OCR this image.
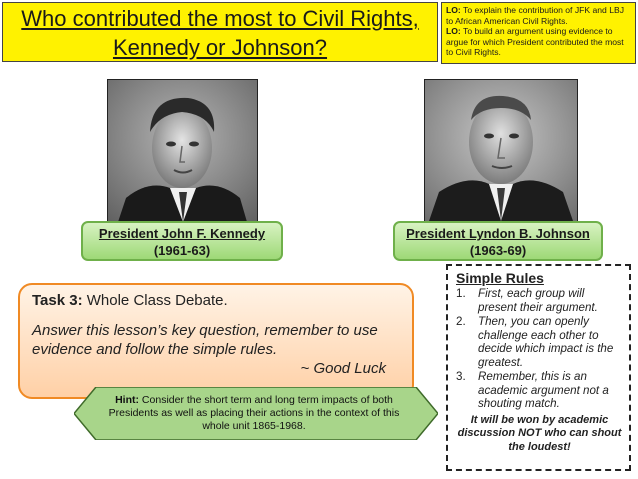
Who contributed the most to Civil Rights,
Kennedy or Johnson?
LO: To explain the contribution of JFK and LBJ to African American Civil Rights.
LO: To build an argument using evidence to argue for which President contributed the most to Civil Rights.
President John F. Kennedy
(1961-63)
President Lyndon B. Johnson
(1963-69)
Task 3: Whole Class Debate.
Answer this lesson’s key question, remember to use evidence and follow the simple rules.
~ Good Luck
Hint: Consider the short term and long term impacts of both Presidents as well as placing their actions in the context of this whole unit 1865-1968.
Simple Rules
1. First, each group will present their argument.
2. Then, you can openly challenge each other to decide which impact is the greatest.
3. Remember, this is an academic argument not a shouting match.
It will be won by academic discussion NOT who can shout the loudest!
